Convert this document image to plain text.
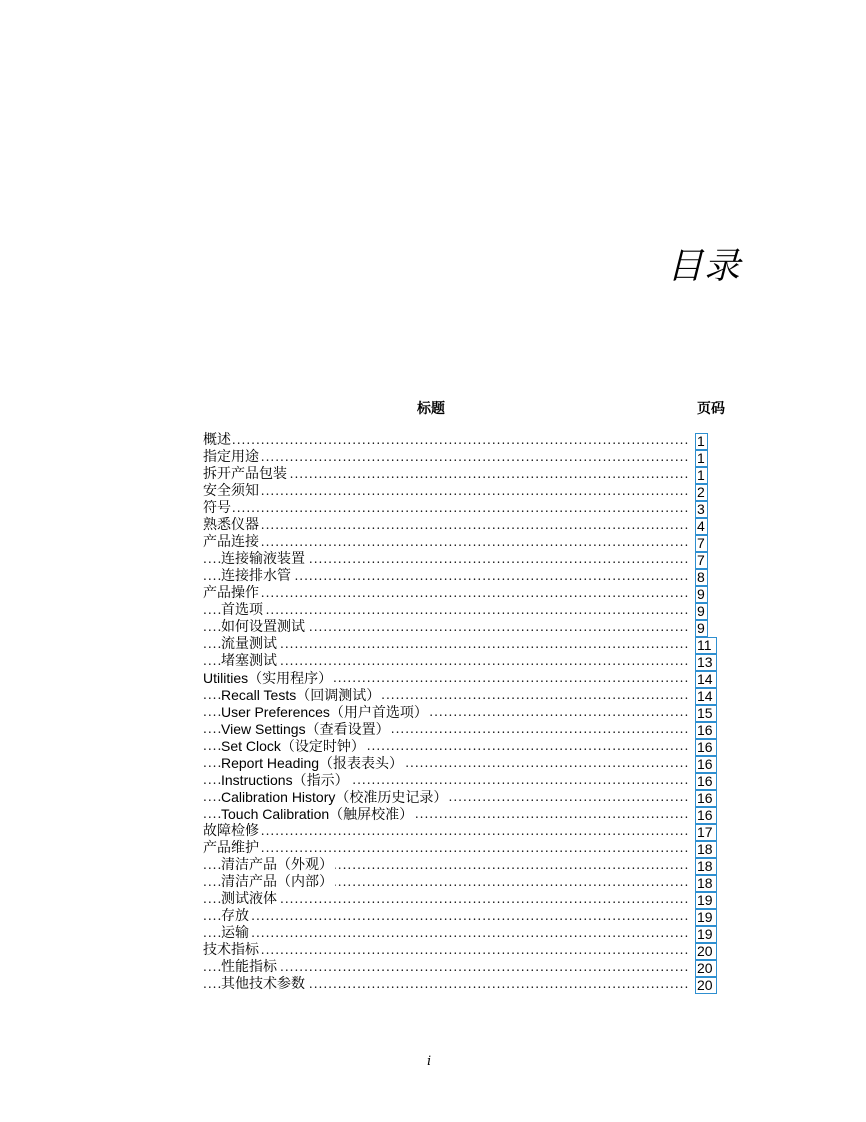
目录
标题	页码
.....
概述	1
.....
指定用途	1
.....
拆开产品包装	1
.....
安全须知	2
.....
符号	3
.....
熟悉仪器	4
.....
产品连接	7
.....
连接输液装置	7
.....
连接排水管	8
.....
产品操作	9
.....
首选项	9
.....
如何设置测试	9
.....
流量测试	11
.....
堵塞测试	13
.....
Utilities（实用程序）	14
.....
Recall Tests（回调测试）	14
.....
User Preferences（用户首选项）	15
.....
View Settings（查看设置）	16
.....
Set Clock（设定时钟）	16
.....
Report Heading（报表表头）	16
.....
Instructions（指示）	16
.....
Calibration History（校准历史记录）	16
.....
Touch Calibration（触屏校准）	16
.....
故障检修	17
.....
产品维护	18
.....
清洁产品（外观）	18
.....
清洁产品（内部）	18
.....
测试液体	19
.....
存放	19
.....
运输	19
.....
技术指标	20
.....
性能指标	20
.....
其他技术参数	20
i
